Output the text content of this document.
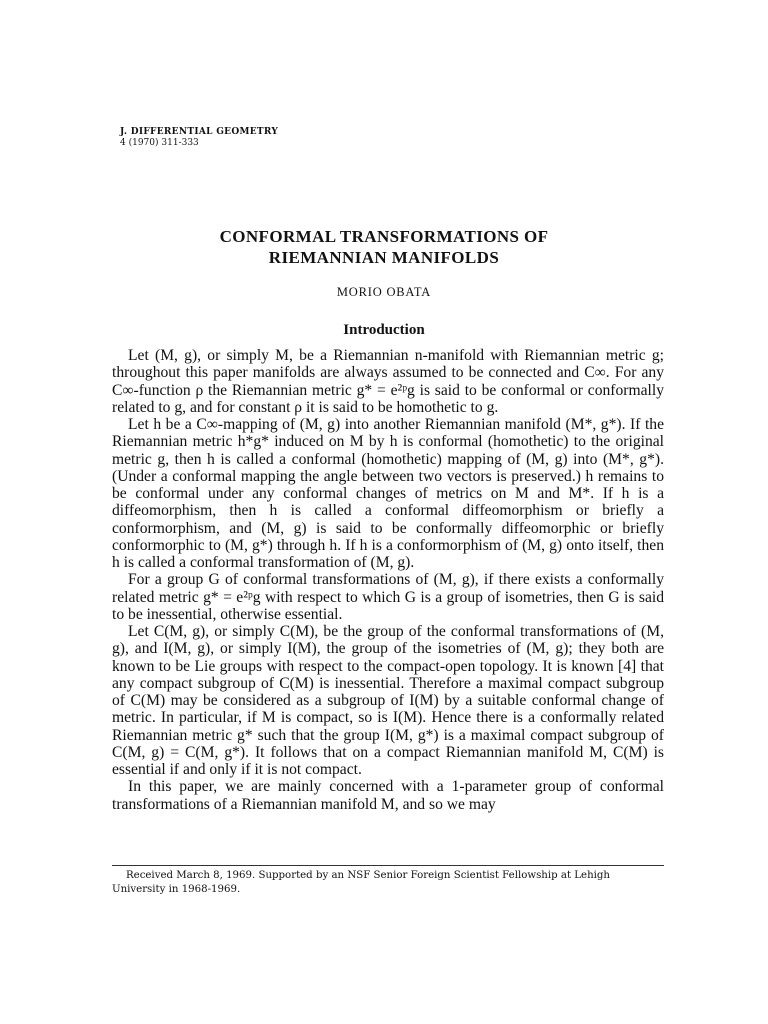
J. DIFFERENTIAL GEOMETRY
4 (1970) 311-333
CONFORMAL TRANSFORMATIONS OF
RIEMANNIAN MANIFOLDS
MORIO OBATA
Introduction

Let (M, g), or simply M, be a Riemannian n-manifold with Riemannian metric g; throughout this paper manifolds are always assumed to be connected and C∞. For any C∞-function ρ the Riemannian metric g* = e²ᵖg is said to be conformal or conformally related to g, and for constant ρ it is said to be homothetic to g.

Let h be a C∞-mapping of (M, g) into another Riemannian manifold (M*, g*). If the Riemannian metric h*g* induced on M by h is conformal (homothetic) to the original metric g, then h is called a conformal (homothetic) mapping of (M, g) into (M*, g*). (Under a conformal mapping the angle between two vectors is preserved.) h remains to be conformal under any conformal changes of metrics on M and M*. If h is a diffeomorphism, then h is called a conformal diffeomorphism or briefly a conformorphism, and (M, g) is said to be conformally diffeomorphic or briefly conformorphic to (M, g*) through h. If h is a conformorphism of (M, g) onto itself, then h is called a conformal transformation of (M, g).

For a group G of conformal transformations of (M, g), if there exists a conformally related metric g* = e²ᵖg with respect to which G is a group of isometries, then G is said to be inessential, otherwise essential.

Let C(M, g), or simply C(M), be the group of the conformal transformations of (M, g), and I(M, g), or simply I(M), the group of the isometries of (M, g); they both are known to be Lie groups with respect to the compact-open topology. It is known [4] that any compact subgroup of C(M) is inessential. Therefore a maximal compact subgroup of C(M) may be considered as a subgroup of I(M) by a suitable conformal change of metric. In particular, if M is compact, so is I(M). Hence there is a conformally related Riemannian metric g* such that the group I(M, g*) is a maximal compact subgroup of C(M, g) = C(M, g*). It follows that on a compact Riemannian manifold M, C(M) is essential if and only if it is not compact.

In this paper, we are mainly concerned with a 1-parameter group of conformal transformations of a Riemannian manifold M, and so we may

Received March 8, 1969. Supported by an NSF Senior Foreign Scientist Fellowship at Lehigh University in 1968-1969.
